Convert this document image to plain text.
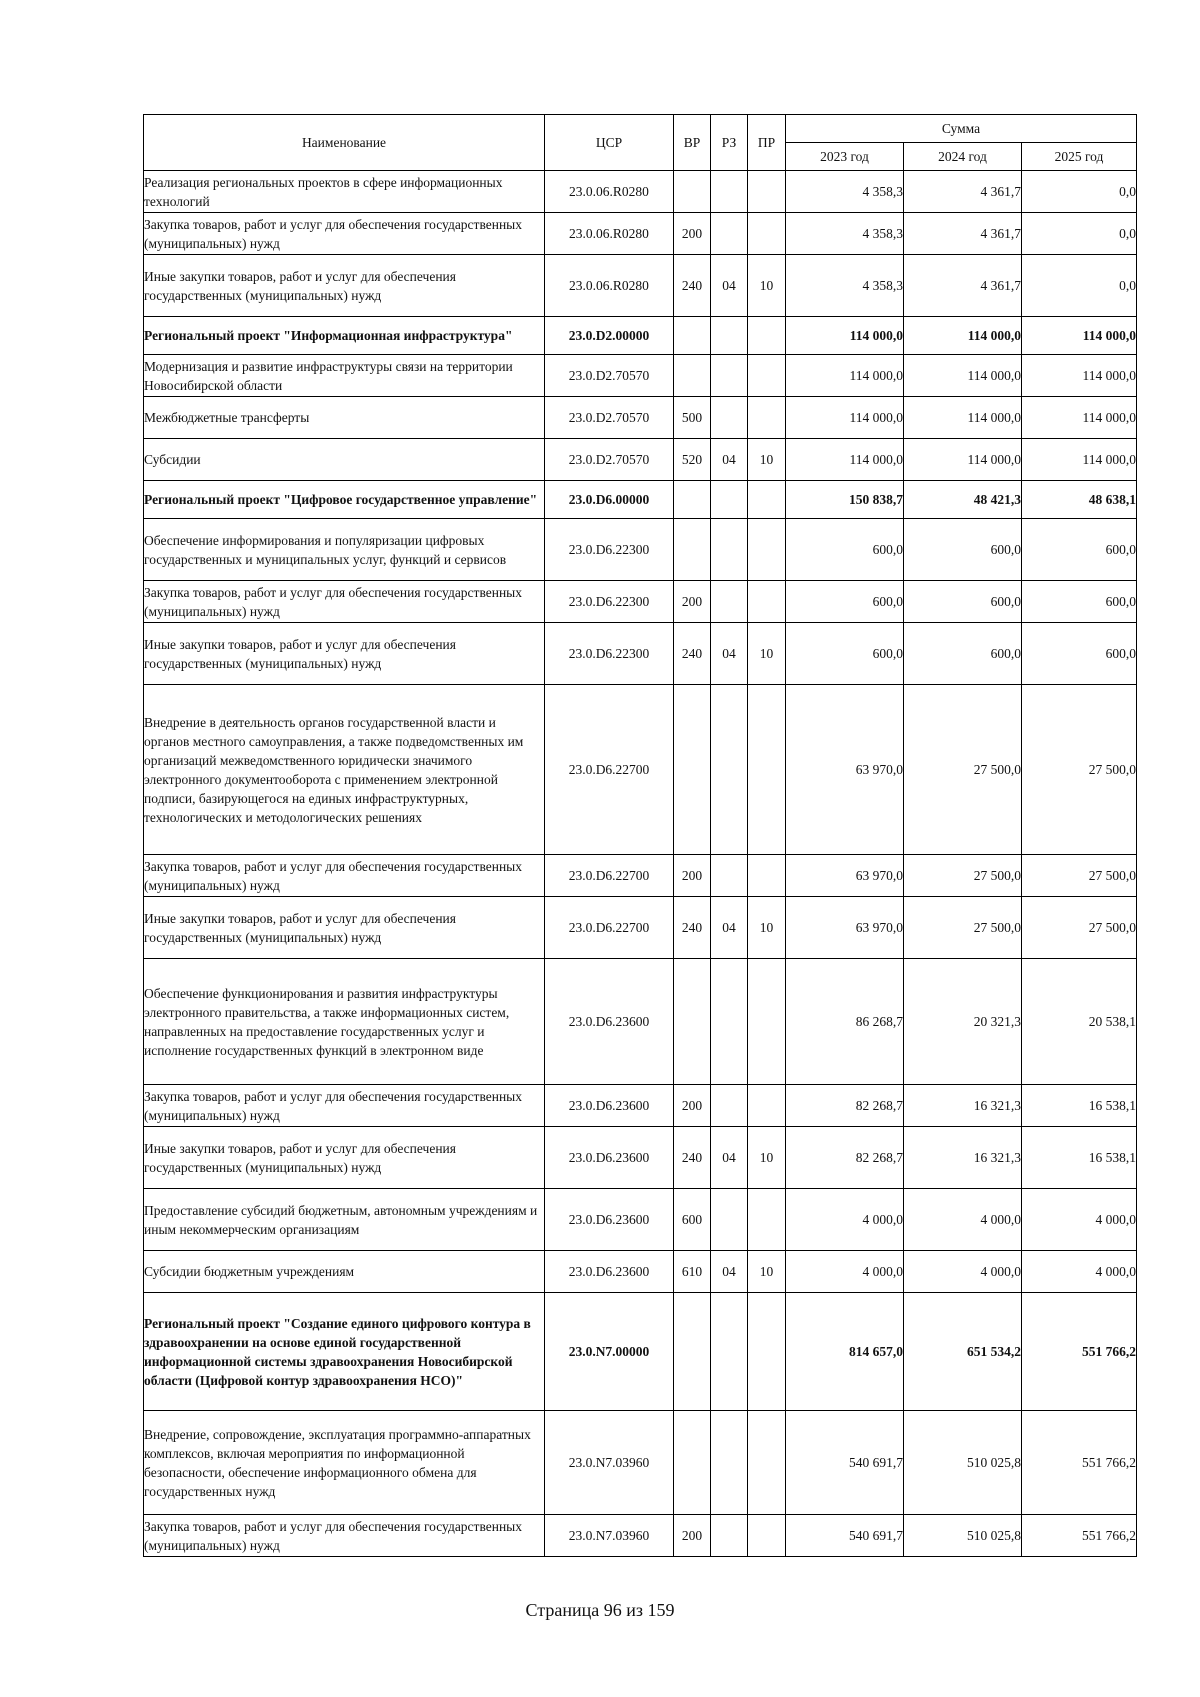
Наименование	ЦСР	ВР	РЗ	ПР	Сумма		
					2023 год	2024 год	2025 год
Реализация региональных проектов в сфере информационных технологий	23.0.06.R0280				4 358,3	4 361,7	0,0
Закупка товаров, работ и услуг для обеспечения государственных (муниципальных) нужд	23.0.06.R0280	200			4 358,3	4 361,7	0,0
Иные закупки товаров, работ и услуг для обеспечения государственных (муниципальных) нужд	23.0.06.R0280	240	04	10	4 358,3	4 361,7	0,0
Региональный проект "Информационная инфраструктура"	23.0.D2.00000				114 000,0	114 000,0	114 000,0
Модернизация и развитие инфраструктуры связи на территории Новосибирской области	23.0.D2.70570				114 000,0	114 000,0	114 000,0
Межбюджетные трансферты	23.0.D2.70570	500			114 000,0	114 000,0	114 000,0
Субсидии	23.0.D2.70570	520	04	10	114 000,0	114 000,0	114 000,0
Региональный проект "Цифровое государственное управление"	23.0.D6.00000				150 838,7	48 421,3	48 638,1
Обеспечение информирования и популяризации цифровых государственных и муниципальных услуг, функций и сервисов	23.0.D6.22300				600,0	600,0	600,0
Закупка товаров, работ и услуг для обеспечения государственных (муниципальных) нужд	23.0.D6.22300	200			600,0	600,0	600,0
Иные закупки товаров, работ и услуг для обеспечения государственных (муниципальных) нужд	23.0.D6.22300	240	04	10	600,0	600,0	600,0
Внедрение в деятельность органов государственной власти и органов местного самоуправления, а также подведомственных им организаций межведомственного юридически значимого электронного документооборота с применением электронной подписи, базирующегося на единых инфраструктурных, технологических и методологических решениях	23.0.D6.22700				63 970,0	27 500,0	27 500,0
Закупка товаров, работ и услуг для обеспечения государственных (муниципальных) нужд	23.0.D6.22700	200			63 970,0	27 500,0	27 500,0
Иные закупки товаров, работ и услуг для обеспечения государственных (муниципальных) нужд	23.0.D6.22700	240	04	10	63 970,0	27 500,0	27 500,0
Обеспечение функционирования и развития инфраструктуры электронного правительства, а также информационных систем, направленных на предоставление государственных услуг и исполнение государственных функций в электронном виде	23.0.D6.23600				86 268,7	20 321,3	20 538,1
Закупка товаров, работ и услуг для обеспечения государственных (муниципальных) нужд	23.0.D6.23600	200			82 268,7	16 321,3	16 538,1
Иные закупки товаров, работ и услуг для обеспечения государственных (муниципальных) нужд	23.0.D6.23600	240	04	10	82 268,7	16 321,3	16 538,1
Предоставление субсидий бюджетным, автономным учреждениям и иным некоммерческим организациям	23.0.D6.23600	600			4 000,0	4 000,0	4 000,0
Субсидии бюджетным учреждениям	23.0.D6.23600	610	04	10	4 000,0	4 000,0	4 000,0
Региональный проект "Создание единого цифрового контура в здравоохранении на основе единой государственной информационной системы здравоохранения Новосибирской области (Цифровой контур здравоохранения НСО)"	23.0.N7.00000				814 657,0	651 534,2	551 766,2
Внедрение, сопровождение, эксплуатация программно-аппаратных комплексов, включая мероприятия по информационной безопасности, обеспечение информационного обмена для государственных нужд	23.0.N7.03960				540 691,7	510 025,8	551 766,2
Закупка товаров, работ и услуг для обеспечения государственных (муниципальных) нужд	23.0.N7.03960	200			540 691,7	510 025,8	551 766,2
Страница 96 из 159
